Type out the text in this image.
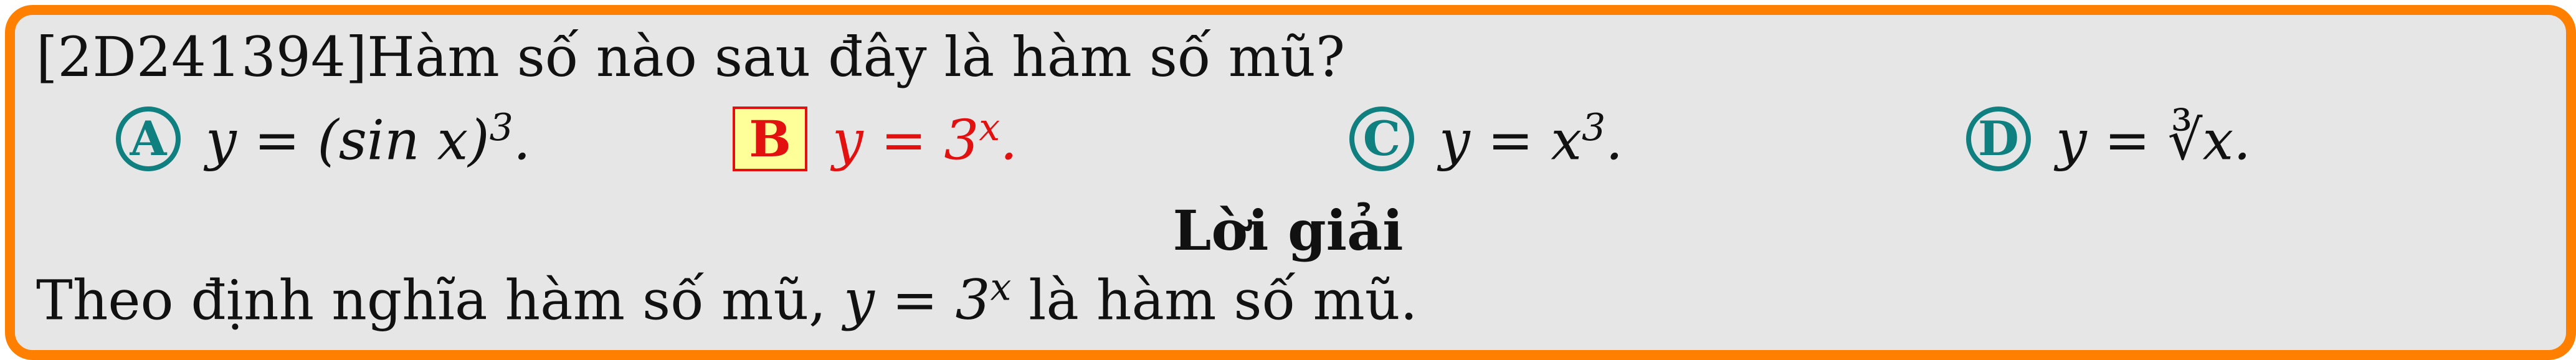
[2D241394]Hàm số nào sau đây là hàm số mũ?
A y = (sin x)$^3$.	B $y = 3^x$.	C $y = x^3$.	D y = ∛x.
Lời giải
Theo định nghĩa hàm số mũ, $y = 3^x$ là hàm số mũ.
